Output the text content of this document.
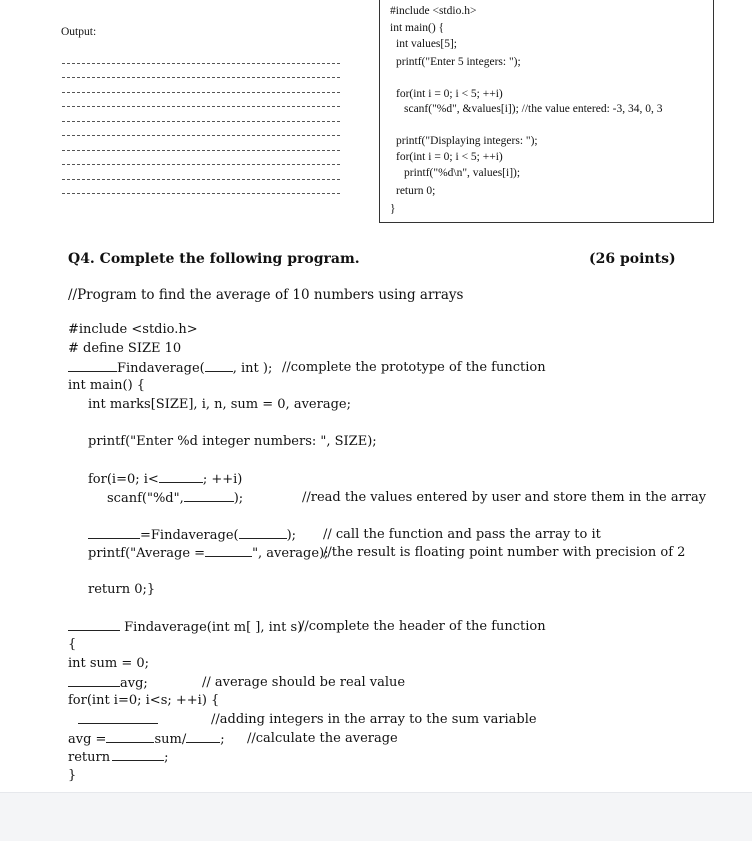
Output:
#include <stdio.h>
int main() {
int values[5];
printf("Enter 5 integers: ");
for(int i = 0; i < 5; ++i)
scanf("%d", &values[i]); //the value entered: -3, 34, 0, 3
printf("Displaying integers: ");
for(int i = 0; i < 5; ++i)
printf("%d\n", values[i]);
return 0;
}
Q4. Complete the following program.	(26 points)
//Program to find the average of 10 numbers using arrays
#include <stdio.h>
# define SIZE 10
Findaverage( , int ); //complete the prototype of the function
int main() {
int marks[SIZE], i, n, sum = 0, average;
printf("Enter %d integer numbers: ", SIZE);
for(i=0; i<	; ++i)
scanf("%d",	);	//read the values entered by user and store them in the array
=Findaverage(	); // call the function and pass the array to it
printf("Average =	", average);
//the result is floating point number with precision of 2
return 0;}
Findaverage(int m[ ], int s)
//complete the header of the function
{
int sum = 0;
avg;	// average should be real value
for(int i=0; i<s; ++i) {
//adding integers in the array to the sum variable
avg =	sum/	; //calculate the average
return	;
}
